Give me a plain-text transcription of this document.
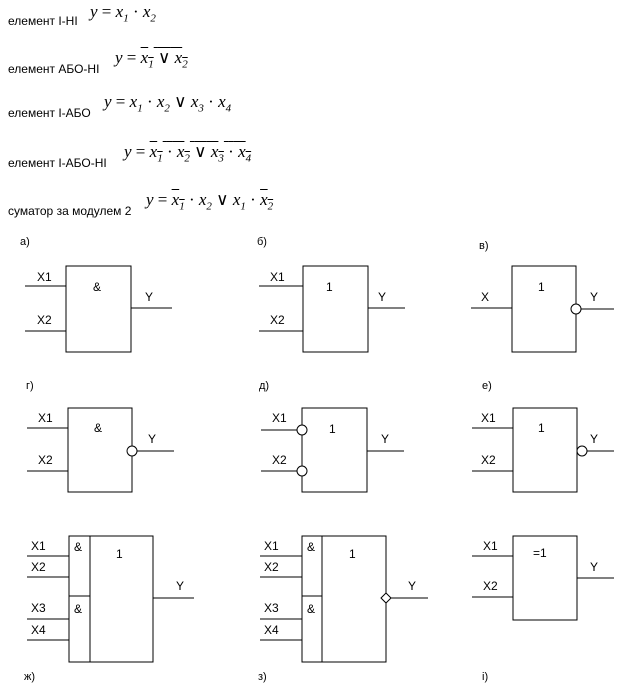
елемент І-НІ $y = x_1 \cdot x_2$
елемент АБО-НІ
$y = x_1$ ∨ $x_2$
елемент І-АБО
$y = x_1 \cdot x_2$ ∨ $x_3 \cdot x_4$
елемент І-АБО-НІ
$y = x_1 \cdot x_2$ ∨ $x_3 \cdot x_4$
суматор за модулем 2
$y = x_1 \cdot x_2$ ∨ $x_1 \cdot x_2$
а)	б)	в)
г)	д)	е)
ж)	з)	і)
X1
X2
&
Y
X1
X2
1
Y	X
1
Y
X1
X2
&
Y
X1
X2
1
Y
X1
X2
1
Y
X1
X2
X3
X4
&
&
1
Y
X1
X2
X3
X4
&
&
1
Y
X1
X2
=1
Y
